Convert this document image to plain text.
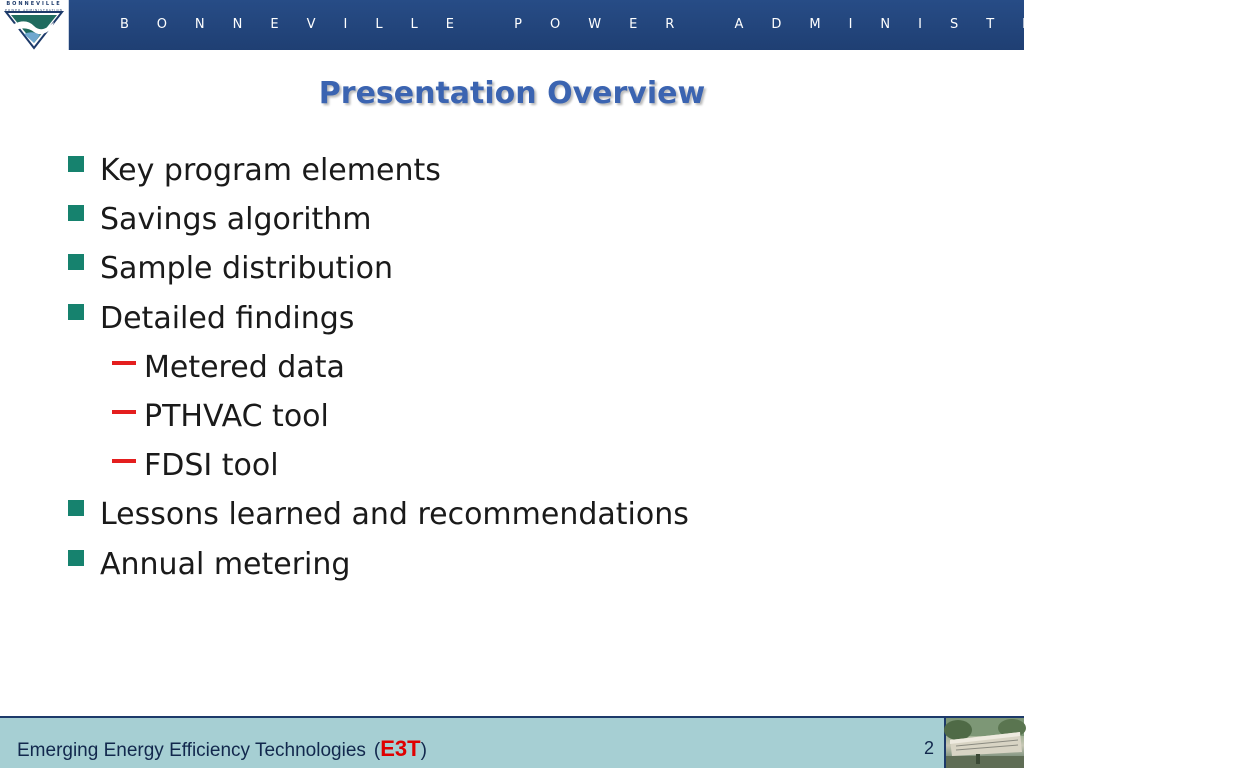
BONNEVILLE
POWER ADMINISTRATION
BONNEVILLE POWER ADMINISTRATION
Presentation Overview
Key program elements
Savings algorithm
Sample distribution
Detailed findings
Metered data
PTHVAC tool
FDSI tool
Lessons learned and recommendations
Annual metering
Emerging Energy Efficiency Technologies (E3T)	2
